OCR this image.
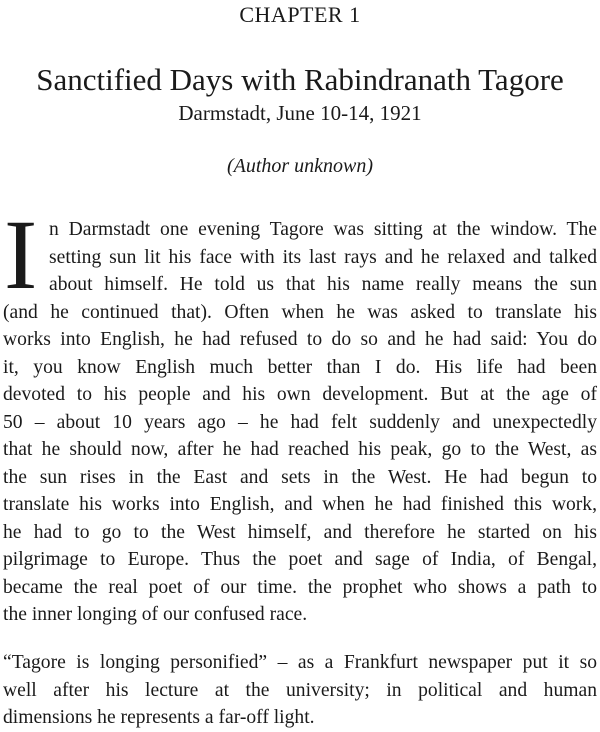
CHAPTER 1
Sanctified Days with Rabindranath Tagore
Darmstadt, June 10-14, 1921
(Author unknown)
I n Darmstadt one evening Tagore was sitting at the window. The
setting sun lit his face with its last rays and he relaxed and talked
about himself. He told us that his name really means the sun
(and he continued that). Often when he was asked to translate his
works into English, he had refused to do so and he had said: You do
it, you know English much better than I do. His life had been
devoted to his people and his own development. But at the age of
50 – about 10 years ago – he had felt suddenly and unexpectedly
that he should now, after he had reached his peak, go to the West, as
the sun rises in the East and sets in the West. He had begun to
translate his works into English, and when he had finished this work,
he had to go to the West himself, and therefore he started on his
pilgrimage to Europe. Thus the poet and sage of India, of Bengal,
became the real poet of our time. the prophet who shows a path to
the inner longing of our confused race.
“Tagore is longing personified” – as a Frankfurt newspaper put it so
well after his lecture at the university; in political and human
dimensions he represents a far-off light.
